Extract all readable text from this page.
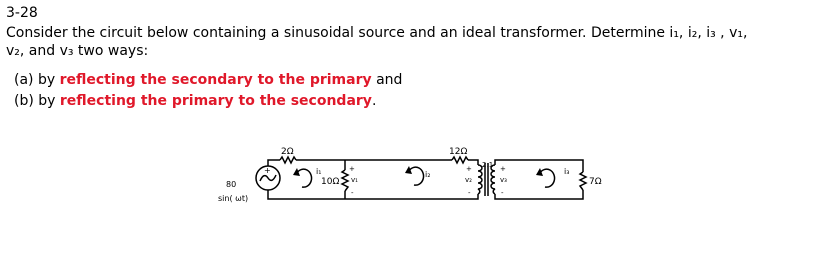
3-28
Consider the circuit below containing a sinusoidal source and an ideal transformer. Determine i₁, i₂, i₃ , v₁,
v₂, and v₃ two ways:
(a) by reflecting the secondary to the primary and
(b) by reflecting the primary to the secondary.
80
sin( ωt)
+
2Ω
10Ω
12Ω
7Ω
2:1
i₁	i₂	i₃
+
v₁
-
+
v₂
-
+
v₃
-
